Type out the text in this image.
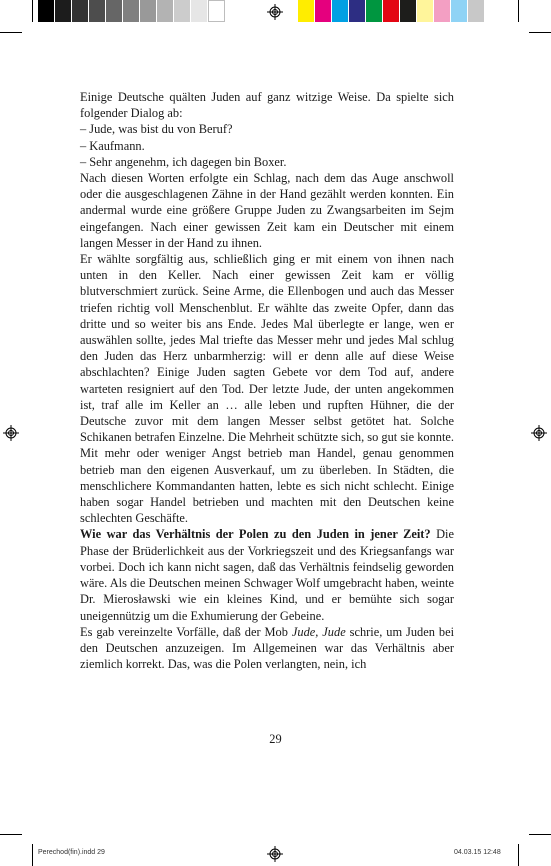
Einige Deutsche quälten Juden auf ganz witzige Weise. Da spielte sich folgender Dialog ab:

– Jude, was bist du von Beruf?

– Kaufmann.

– Sehr angenehm, ich dagegen bin Boxer.

Nach diesen Worten erfolgte ein Schlag, nach dem das Auge anschwoll oder die ausgeschlagenen Zähne in der Hand gezählt werden konnten. Ein andermal wurde eine größere Gruppe Juden zu Zwangsarbeiten im Sejm eingefangen. Nach einer gewissen Zeit kam ein Deutscher mit einem langen Messer in der Hand zu ihnen.

Er wählte sorgfältig aus, schließlich ging er mit einem von ihnen nach unten in den Keller. Nach einer gewissen Zeit kam er völlig blutverschmiert zurück. Seine Arme, die Ellenbogen und auch das Messer triefen richtig voll Menschenblut. Er wählte das zweite Opfer, dann das dritte und so weiter bis ans Ende. Jedes Mal überlegte er lange, wen er auswählen sollte, jedes Mal triefte das Messer mehr und jedes Mal schlug den Juden das Herz unbarmherzig: will er denn alle auf diese Weise abschlachten? Einige Juden sagten Gebete vor dem Tod auf, andere warteten resigniert auf den Tod. Der letzte Jude, der unten angekommen ist, traf alle im Keller an … alle leben und rupften Hühner, die der Deutsche zuvor mit dem langen Messer selbst getötet hat. Solche Schikanen betrafen Einzelne. Die Mehrheit schützte sich, so gut sie konnte. Mit mehr oder weniger Angst betrieb man Handel, genau genommen betrieb man den eigenen Ausverkauf, um zu überleben. In Städten, die menschlichere Kommandanten hatten, lebte es sich nicht schlecht. Einige haben sogar Handel betrieben und machten mit den Deutschen keine schlechten Geschäfte.

Wie war das Verhältnis der Polen zu den Juden in jener Zeit? Die Phase der Brüderlichkeit aus der Vorkriegszeit und des Kriegsanfangs war vorbei. Doch ich kann nicht sagen, daß das Verhältnis feindselig geworden wäre. Als die Deutschen meinen Schwager Wolf umgebracht haben, weinte Dr. Mierosławski wie ein kleines Kind, und er bemühte sich sogar uneigennützig um die Exhumierung der Gebeine.

Es gab vereinzelte Vorfälle, daß der Mob Jude, Jude schrie, um Juden bei den Deutschen anzuzeigen. Im Allgemeinen war das Verhältnis aber ziemlich korrekt. Das, was die Polen verlangten, nein, ich

29
Perechod(fin).indd 29	04.03.15 12:48
